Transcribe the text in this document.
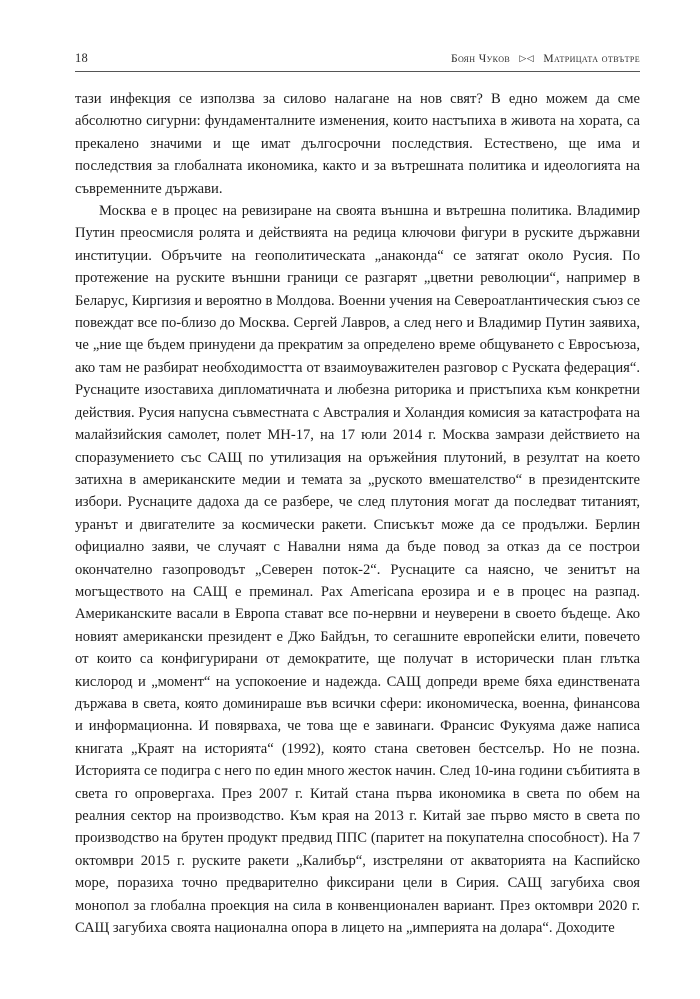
18	Боян Чуков ▷◁ Матрицата отвътре

тази инфекция се използва за силово налагане на нов свят? В едно можем да сме абсолютно сигурни: фундаменталните изменения, които настъпиха в живота на хората, са прекалено значими и ще имат дългосрочни последствия. Естествено, ще има и последствия за глобалната икономика, както и за вътрешната политика и идеологията на съвременните държави.

Москва е в процес на ревизиране на своята външна и вътрешна политика. Владимир Путин преосмисля ролята и действията на редица ключови фигури в руските държавни институции. Обръчите на геополитическата „анаконда“ се затягат около Русия. По протежение на руските външни граници се разгарят „цветни революции“, например в Беларус, Киргизия и вероятно в Молдова. Военни учения на Североатлантическия съюз се повеждат все по-близо до Москва. Сергей Лавров, а след него и Владимир Путин заявиха, че „ние ще бъдем принудени да прекратим за определено време общуването с Евросъюза, ако там не разбират необходимостта от взаимоуважителен разговор с Руската федерация“. Руснаците изоставиха дипломатичната и любезна риторика и пристъпиха към конкретни действия. Русия напусна съвместната с Австралия и Холандия комисия за катастрофата на малайзийския самолет, полет MH-17, на 17 юли 2014 г. Москва замрази действието на споразумението със САЩ по утилизация на оръжейния плутоний, в резултат на което затихна в американските медии и темата за „руското вмешателство“ в президентските избори. Руснаците дадоха да се разбере, че след плутония могат да последват титаният, уранът и двигателите за космически ракети. Списъкът може да се продължи. Берлин официално заяви, че случаят с Навални няма да бъде повод за отказ да се построи окончателно газопроводът „Северен поток-2“. Руснаците са наясно, че зенитът на могъществото на САЩ е преминал. Pax Americana ерозира и е в процес на разпад. Американските васали в Европа стават все по-нервни и неуверени в своето бъдеще. Ако новият американски президент е Джо Байдън, то сегашните европейски елити, повечето от които са конфигурирани от демократите, ще получат в историчеcки план глътка кислород и „момент“ на успокоение и надежда. САЩ допреди време бяха единствената държава в света, която доминираше във всички сфери: икономическа, военна, финансова и информационна. И повярваха, че това ще е завинаги. Франсис Фукуяма даже написа книгата „Краят на историята“ (1992), която стана световен бестселър. Но не позна. Историята се подигра с него по един много жесток начин. След 10-ина години събитията в света го опровергаха. През 2007 г. Китай стана първа икономика в света по обем на реалния сектор на производство. Към края на 2013 г. Китай зае първо място в света по производство на брутен продукт предвид ППС (паритет на покупателна способност). На 7 октомври 2015 г. руските ракети „Калибър“, изстреляни от акваторията на Каспийско море, поразиха точно предварително фиксирани цели в Сирия. САЩ загубиха своя монопол за глобална проекция на сила в конвенционален вариант. През октомври 2020 г. САЩ загубиха своята национална опора в лицето на „империята на долара“. Доходите
